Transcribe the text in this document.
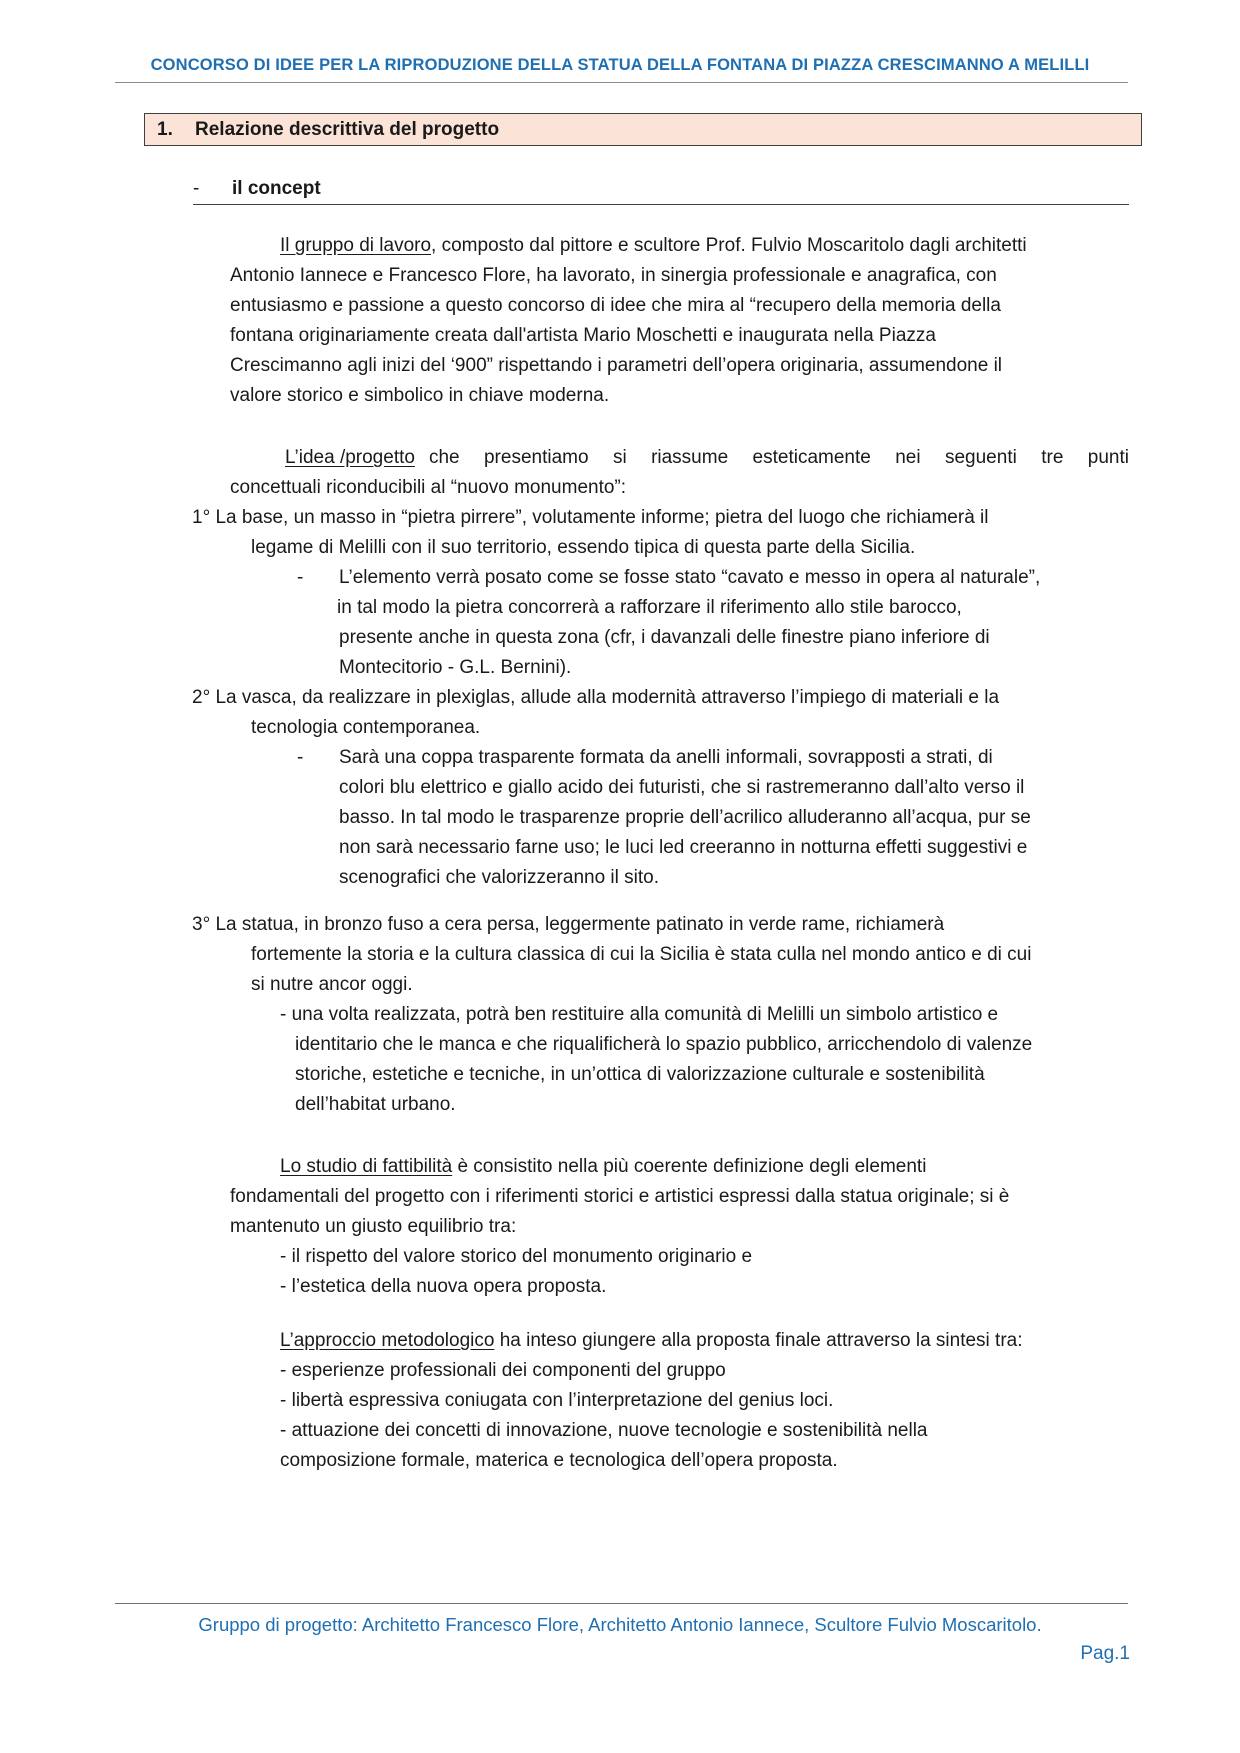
CONCORSO DI IDEE PER LA RIPRODUZIONE DELLA STATUA DELLA FONTANA DI PIAZZA CRESCIMANNO A MELILLI
1. Relazione descrittiva del progetto
- il concept
Il gruppo di lavoro, composto dal pittore e scultore Prof. Fulvio Moscaritolo dagli architetti
Antonio Iannece e Francesco Flore, ha lavorato, in sinergia professionale e anagrafica, con
entusiasmo e passione a questo concorso di idee che mira al “recupero della memoria della
fontana originariamente creata dall'artista Mario Moschetti e inaugurata nella Piazza
Crescimanno agli inizi del ‘900” rispettando i parametri dell’opera originaria, assumendone il
valore storico e simbolico in chiave moderna.
L’idea /progetto che presentiamo si riassume esteticamente nei seguenti tre punti
concettuali riconducibili al “nuovo monumento”:
1° La base, un masso in “pietra pirrere”, volutamente informe; pietra del luogo che richiamerà il
legame di Melilli con il suo territorio, essendo tipica di questa parte della Sicilia.
- L’elemento verrà posato come se fosse stato “cavato e messo in opera al naturale”,
in tal modo la pietra concorrerà a rafforzare il riferimento allo stile barocco,
presente anche in questa zona (cfr, i davanzali delle finestre piano inferiore di
Montecitorio - G.L. Bernini).
2° La vasca, da realizzare in plexiglas, allude alla modernità attraverso l’impiego di materiali e la
tecnologia contemporanea.
- Sarà una coppa trasparente formata da anelli informali, sovrapposti a strati, di
colori blu elettrico e giallo acido dei futuristi, che si rastremeranno dall’alto verso il
basso. In tal modo le trasparenze proprie dell’acrilico alluderanno all’acqua, pur se
non sarà necessario farne uso; le luci led creeranno in notturna effetti suggestivi e
scenografici che valorizzeranno il sito.
3° La statua, in bronzo fuso a cera persa, leggermente patinato in verde rame, richiamerà
fortemente la storia e la cultura classica di cui la Sicilia è stata culla nel mondo antico e di cui
si nutre ancor oggi.
- una volta realizzata, potrà ben restituire alla comunità di Melilli un simbolo artistico e
identitario che le manca e che riqualificherà lo spazio pubblico, arricchendolo di valenze
storiche, estetiche e tecniche, in un’ottica di valorizzazione culturale e sostenibilità
dell’habitat urbano.
Lo studio di fattibilità è consistito nella più coerente definizione degli elementi
fondamentali del progetto con i riferimenti storici e artistici espressi dalla statua originale; si è
mantenuto un giusto equilibrio tra:
- il rispetto del valore storico del monumento originario e
- l’estetica della nuova opera proposta.
L’approccio metodologico ha inteso giungere alla proposta finale attraverso la sintesi tra:
- esperienze professionali dei componenti del gruppo
- libertà espressiva coniugata con l’interpretazione del genius loci.
- attuazione dei concetti di innovazione, nuove tecnologie e sostenibilità nella
composizione formale, materica e tecnologica dell’opera proposta.
Gruppo di progetto: Architetto Francesco Flore, Architetto Antonio Iannece, Scultore Fulvio Moscaritolo.
Pag.1
